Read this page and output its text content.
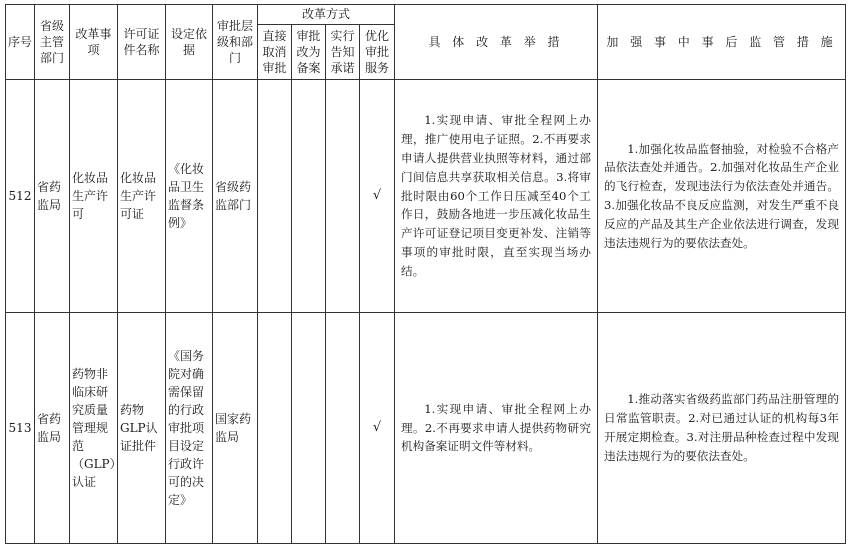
序号	省级主管部门	改革事项	许可证件名称	设定依据	审批层级和部门	改革方式				具 体 改 革 举 措	加 强 事 中 事 后 监 管 措 施
						直接取消审批	审批改为备案	实行告知承诺	优化审批服务		
512	省药监局	化妆品生产许可	化妆品生产许可证	《化妆品卫生监督条例》	省级药监部门				√	1.实现申请、审批全程网上办理，推广使用电子证照。2.不再要求申请人提供营业执照等材料，通过部门间信息共享获取相关信息。3.将审批时限由60个工作日压减至40个工作日，鼓励各地进一步压减化妆品生产许可证登记项目变更补发、注销等事项的审批时限，直至实现当场办结。	1.加强化妆品监督抽验，对检验不合格产品依法查处并通告。2.加强对化妆品生产企业的飞行检查，发现违法行为依法查处并通告。3.加强化妆品不良反应监测，对发生严重不良反应的产品及其生产企业依法进行调查，发现违法违规行为的要依法查处。

513	省药监局	药物非临床研究质量管理规范（GLP）认证	药物GLP认证批件	《国务院对确需保留的行政审批项目设定行政许可的决定》	国家药监局				√	1.实现申请、审批全程网上办理。2.不再要求申请人提供药物研究机构备案证明文件等材料。	1.推动落实省级药监部门药品注册管理的日常监管职责。2.对已通过认证的机构每3年开展定期检查。3.对注册品种检查过程中发现违法违规行为的要依法查处。
